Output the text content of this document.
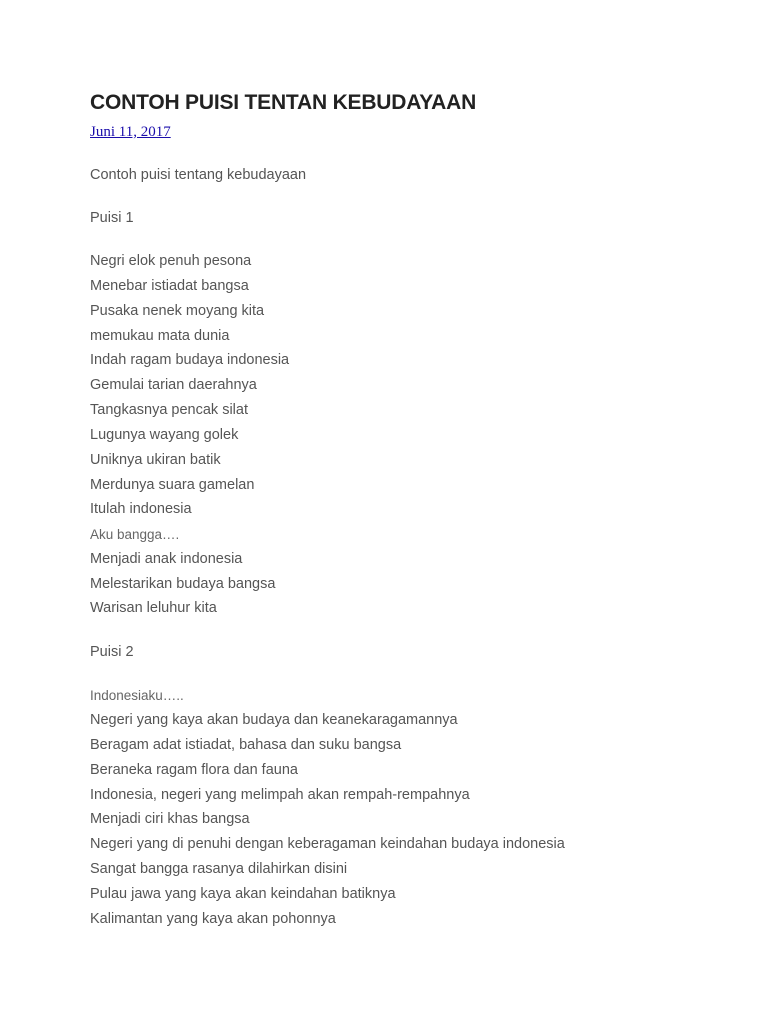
CONTOH PUISI TENTAN KEBUDAYAAN
Juni 11, 2017

Contoh puisi tentang kebudayaan

Puisi 1

Negri elok penuh pesona

Menebar istiadat bangsa

Pusaka nenek moyang kita

memukau mata dunia

Indah ragam budaya indonesia

Gemulai tarian daerahnya

Tangkasnya pencak silat

Lugunya wayang golek

Uniknya ukiran batik

Merdunya suara gamelan

Itulah indonesia

Aku bangga….

Menjadi anak indonesia

Melestarikan budaya bangsa

Warisan leluhur kita

Puisi 2

Indonesiaku…..

Negeri yang kaya akan budaya dan keanekaragamannya

Beragam adat istiadat, bahasa dan suku bangsa

Beraneka ragam flora dan fauna

Indonesia, negeri yang melimpah akan rempah-rempahnya

Menjadi ciri khas bangsa

Negeri yang di penuhi dengan keberagaman keindahan budaya indonesia

Sangat bangga rasanya dilahirkan disini

Pulau jawa yang kaya akan keindahan batiknya

Kalimantan yang kaya akan pohonnya
